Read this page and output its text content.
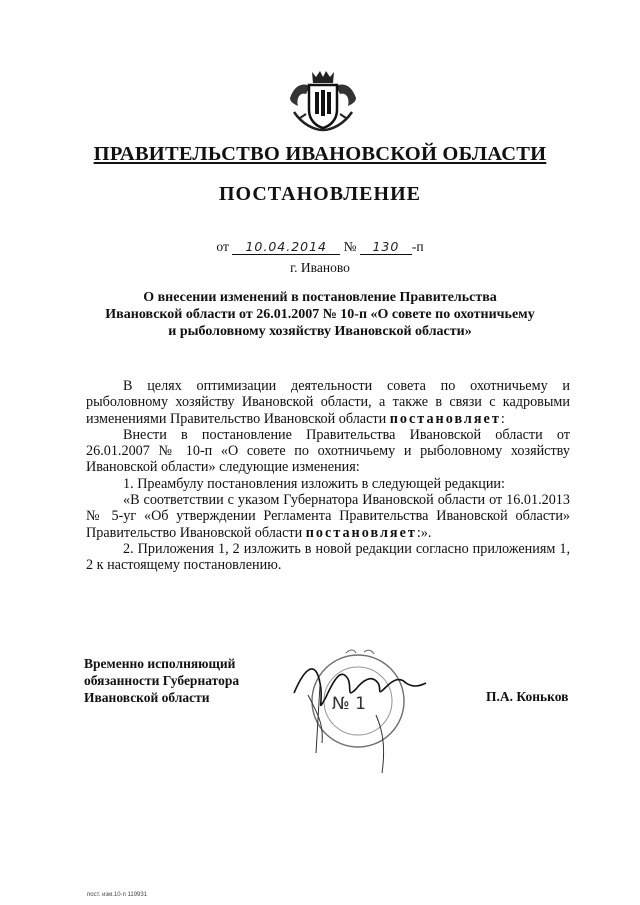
ПРАВИТЕЛЬСТВО ИВАНОВСКОЙ ОБЛАСТИ
ПОСТАНОВЛЕНИЕ
от 10.04.2014 № 130 -п
г. Иваново
О внесении изменений в постановление Правительства
Ивановской области от 26.01.2007 № 10-п «О совете по охотничьему
и рыболовному хозяйству Ивановской области»

В целях оптимизации деятельности совета по охотничьему и рыболовному хозяйству Ивановской области, а также в связи с кадровыми изменениями Правительство Ивановской области постановляет:

Внести в постановление Правительства Ивановской области от 26.01.2007 № 10-п «О совете по охотничьему и рыболовному хозяйству Ивановской области» следующие изменения:

1. Преамбулу постановления изложить в следующей редакции:

«В соответствии с указом Губернатора Ивановской области от 16.01.2013 № 5-уг «Об утверждении Регламента Правительства Ивановской области» Правительство Ивановской области постановляет:».

2. Приложения 1, 2 изложить в новой редакции согласно приложениям 1, 2 к настоящему постановлению.

Временно исполняющий
обязанности Губернатора
Ивановской области	П.А. Коньков
№ 1
пост. изм.10-п 119931
